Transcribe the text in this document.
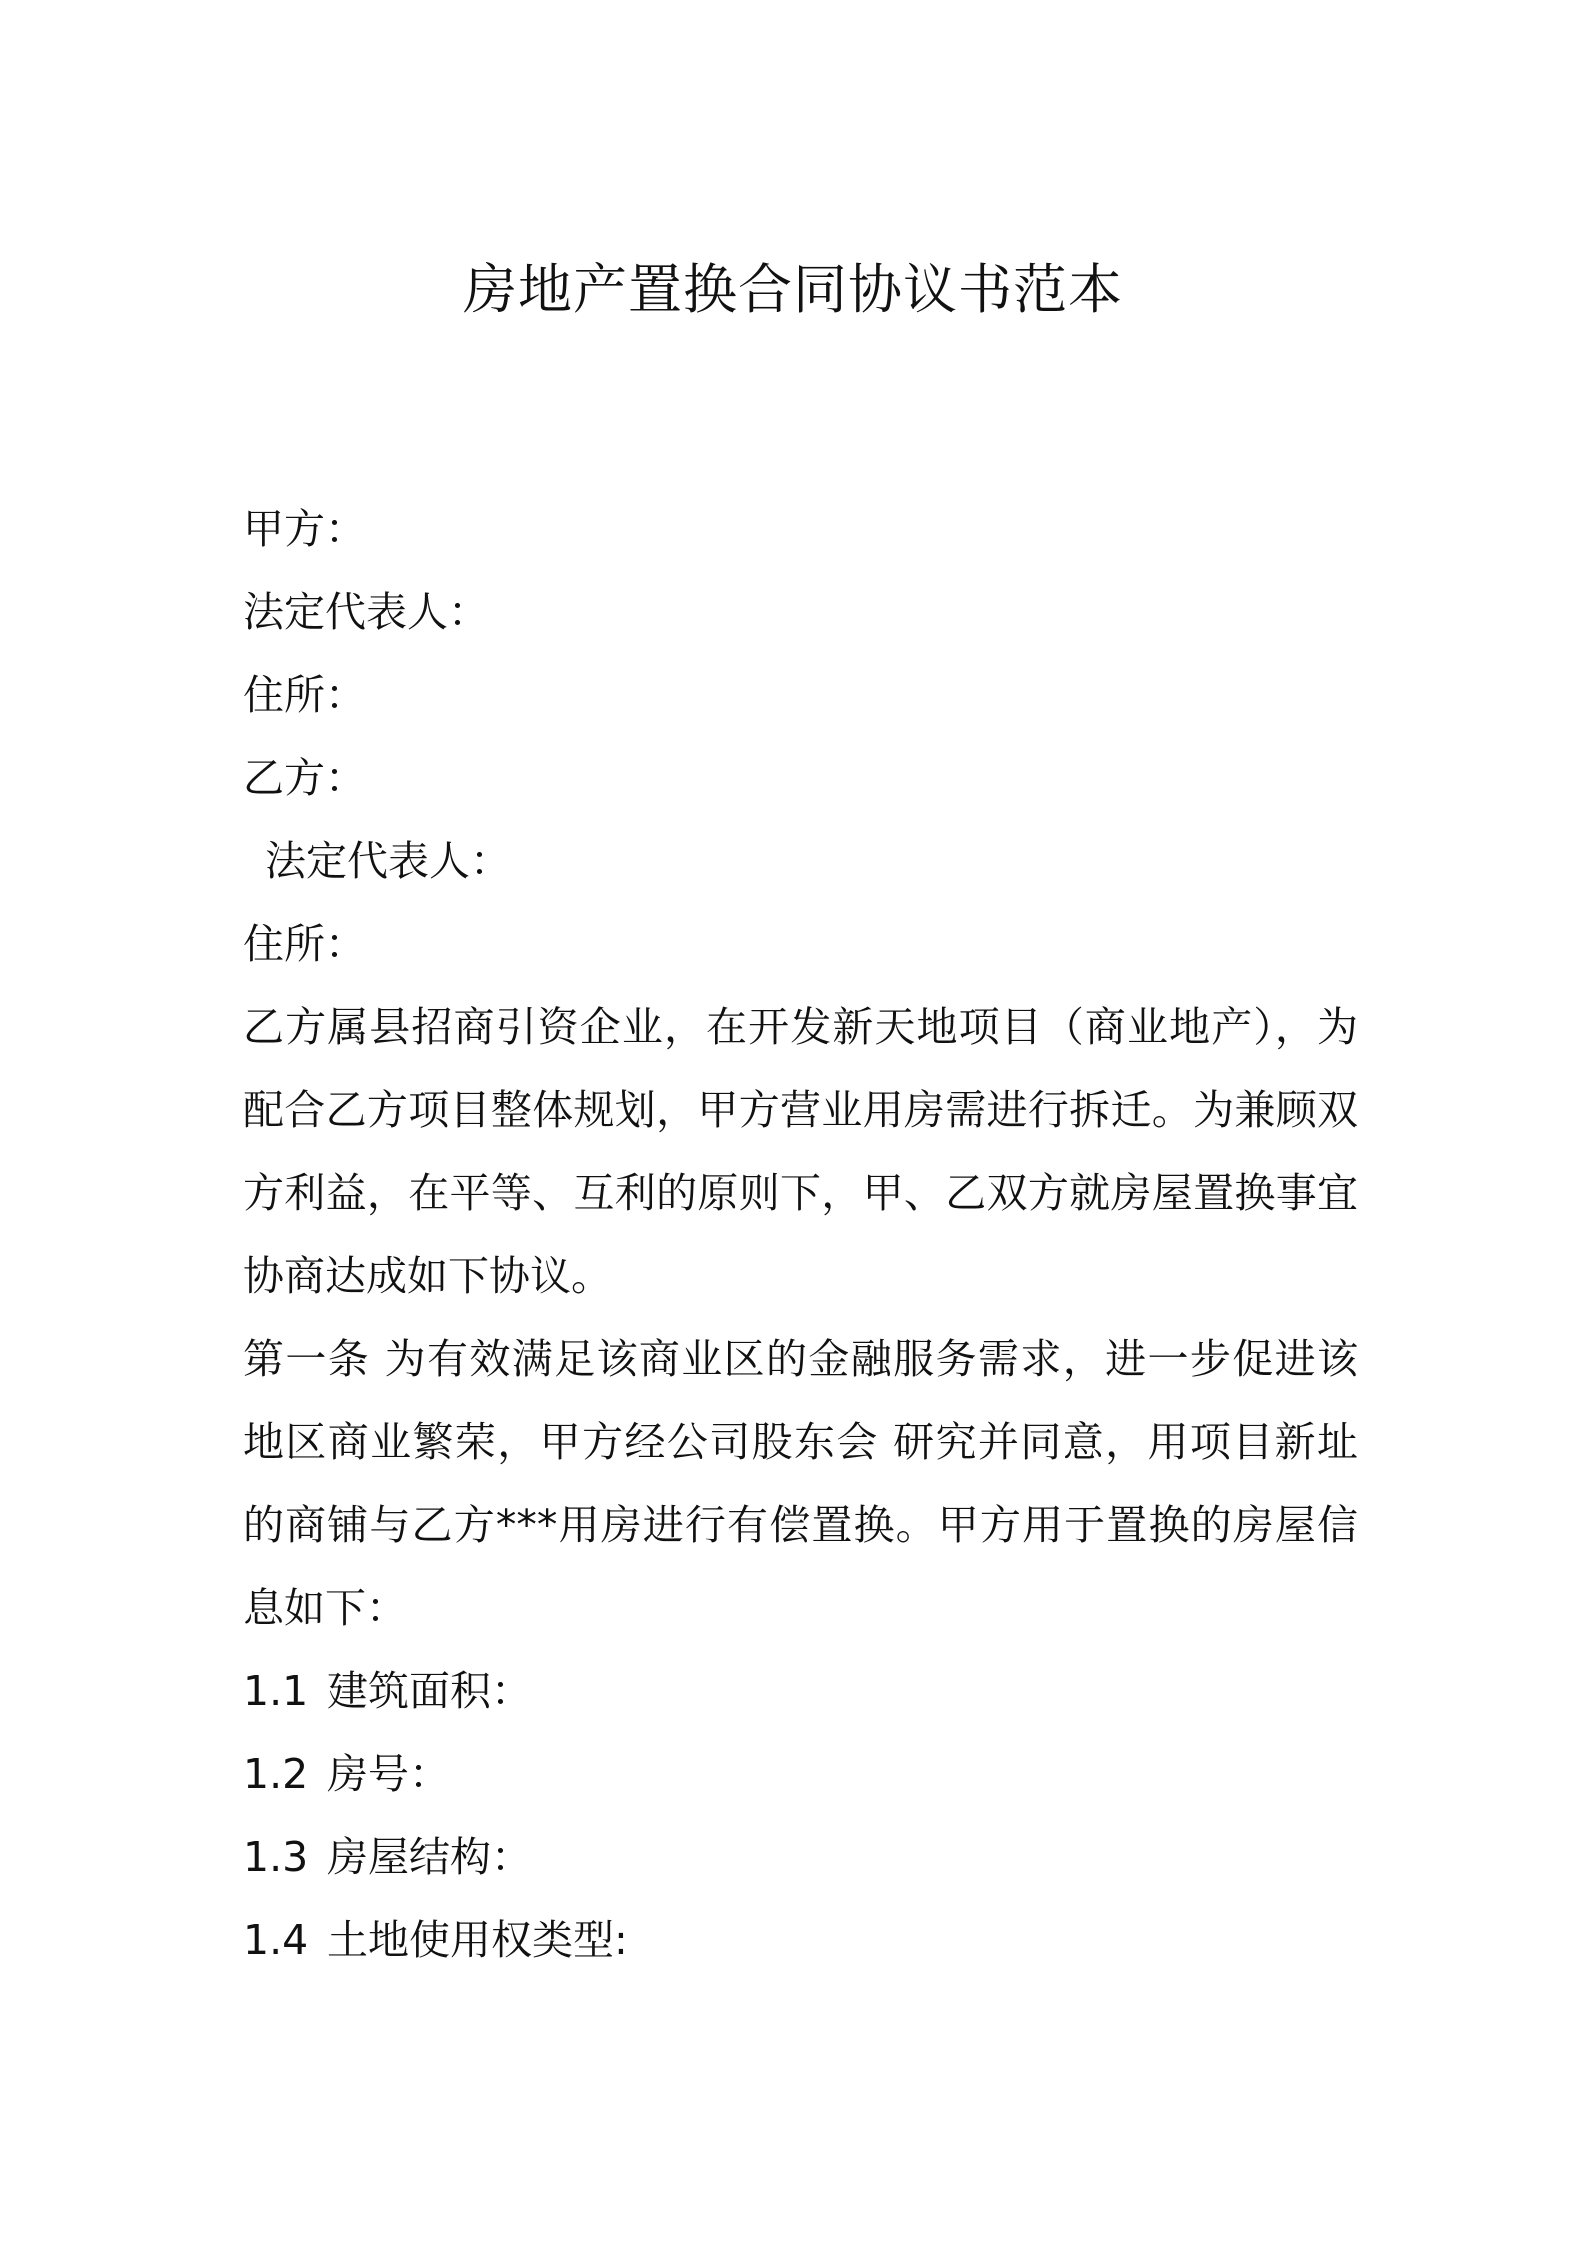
房地产置换合同协议书范本
甲方：
法定代表人：
住所：
乙方：
法定代表人：
住所：
乙方属县招商引资企业，在开发新天地项目（商业地产），为配合乙方项目整体规划，甲方营业用房需进行拆迁。为兼顾双方利益，在平等、互利的原则下，甲、乙双方就房屋置换事宜协商达成如下协议。
第一条 为有效满足该商业区的金融服务需求，进一步促进该地区商业繁荣，甲方经公司股东会 研究并同意，用项目新址的商铺与乙方***用房进行有偿置换。甲方用于置换的房屋信息如下：
1.1 建筑面积：
1.2 房号：
1.3 房屋结构：
1.4 土地使用权类型:
